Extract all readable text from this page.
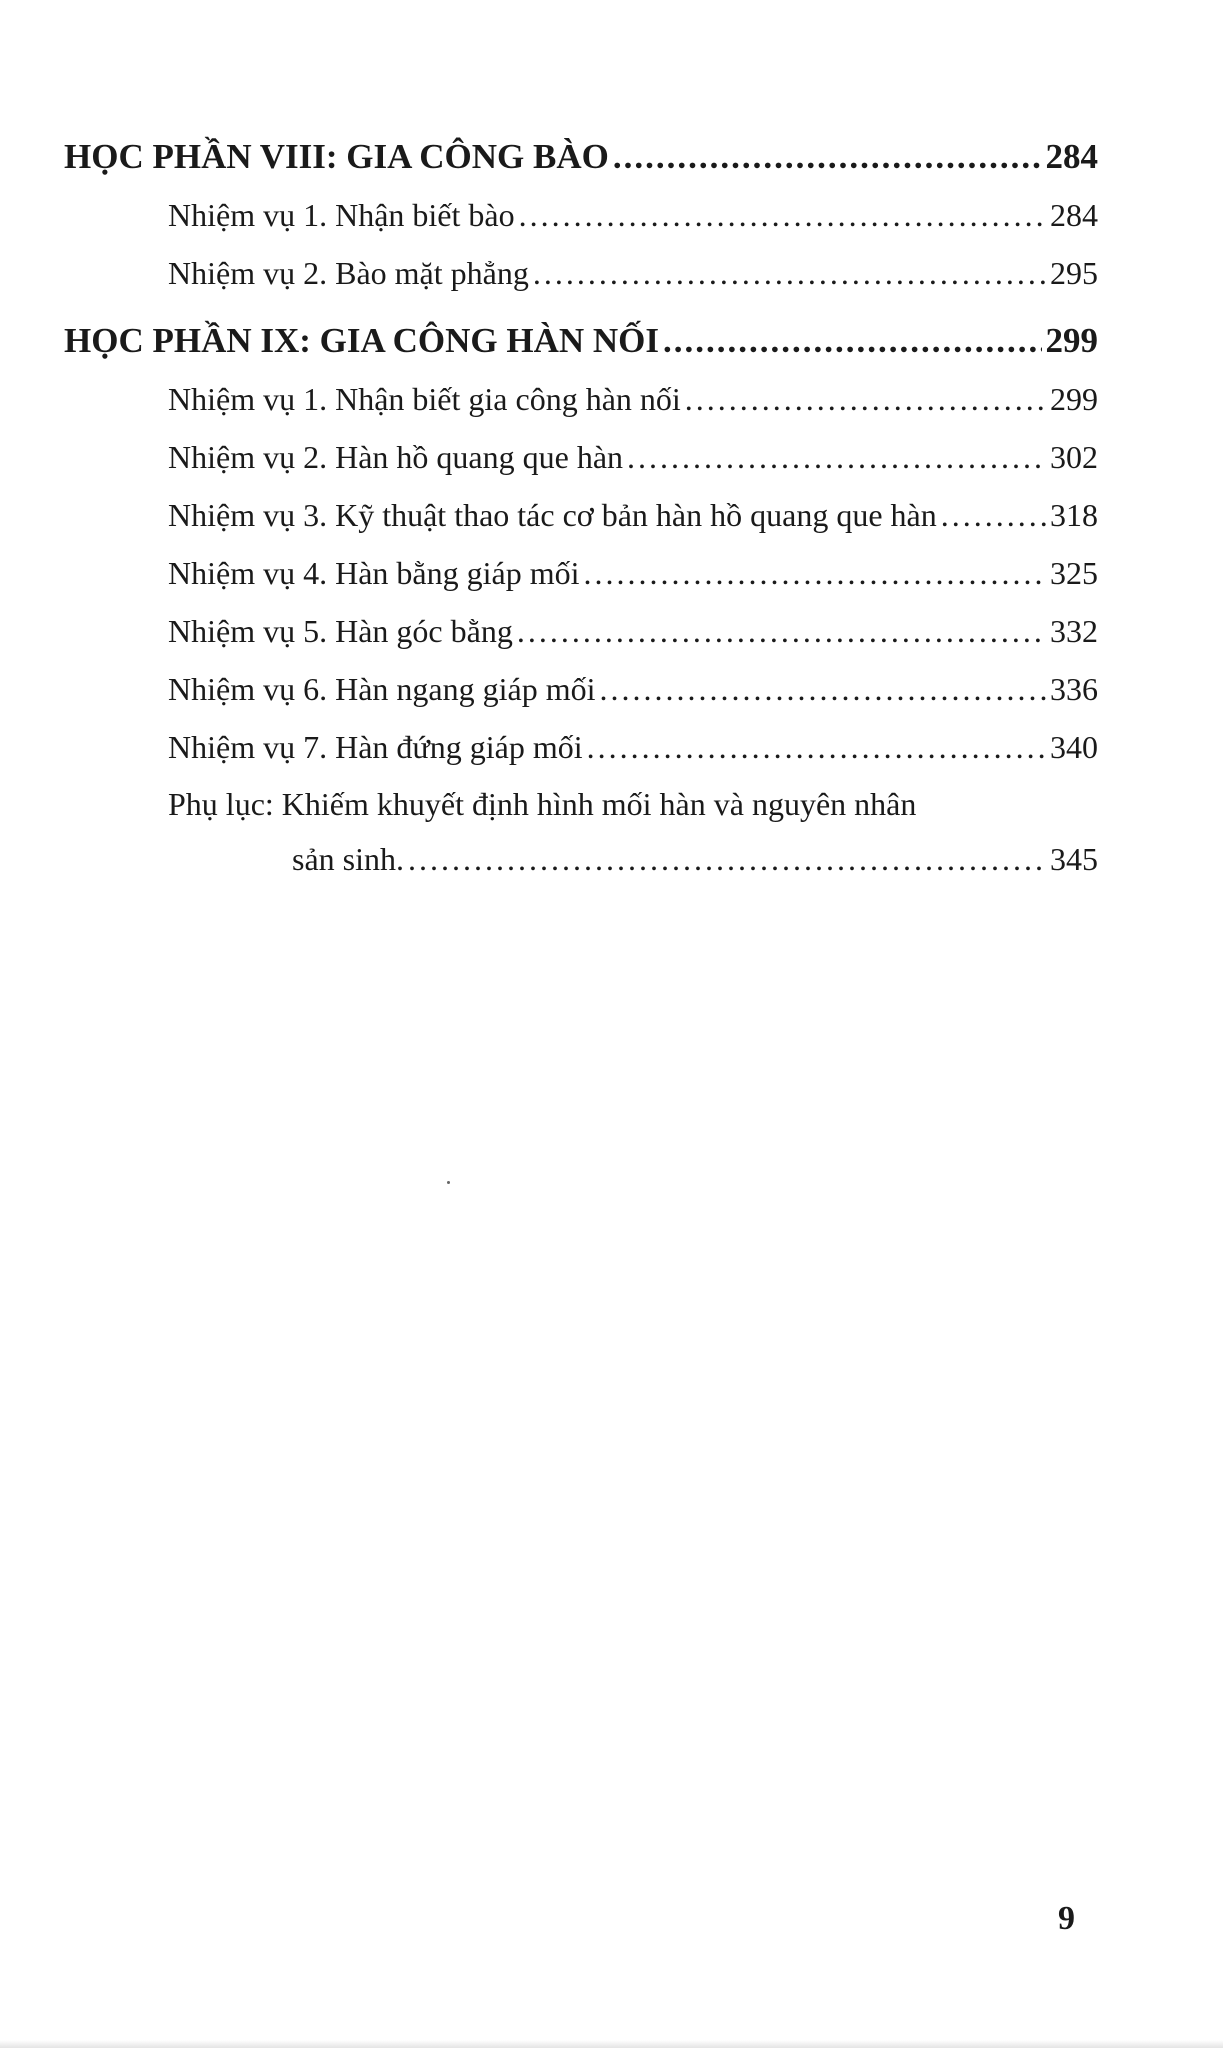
HỌC PHẦN VIII: GIA CÔNG BÀO .....	284
Nhiệm vụ 1. Nhận biết bào .....	284
Nhiệm vụ 2. Bào mặt phẳng .....	295
HỌC PHẦN IX: GIA CÔNG HÀN NỐI .....	299
Nhiệm vụ 1. Nhận biết gia công hàn nối .....	299
Nhiệm vụ 2. Hàn hồ quang que hàn .....	302
Nhiệm vụ 3. Kỹ thuật thao tác cơ bản hàn hồ quang que hàn .....	318
Nhiệm vụ 4. Hàn bằng giáp mối .....	325
Nhiệm vụ 5. Hàn góc bằng .....	332
Nhiệm vụ 6. Hàn ngang giáp mối .....	336
Nhiệm vụ 7. Hàn đứng giáp mối .....	340
Phụ lục: Khiếm khuyết định hình mối hàn và nguyên nhân
sản sinh. .....	345
9
